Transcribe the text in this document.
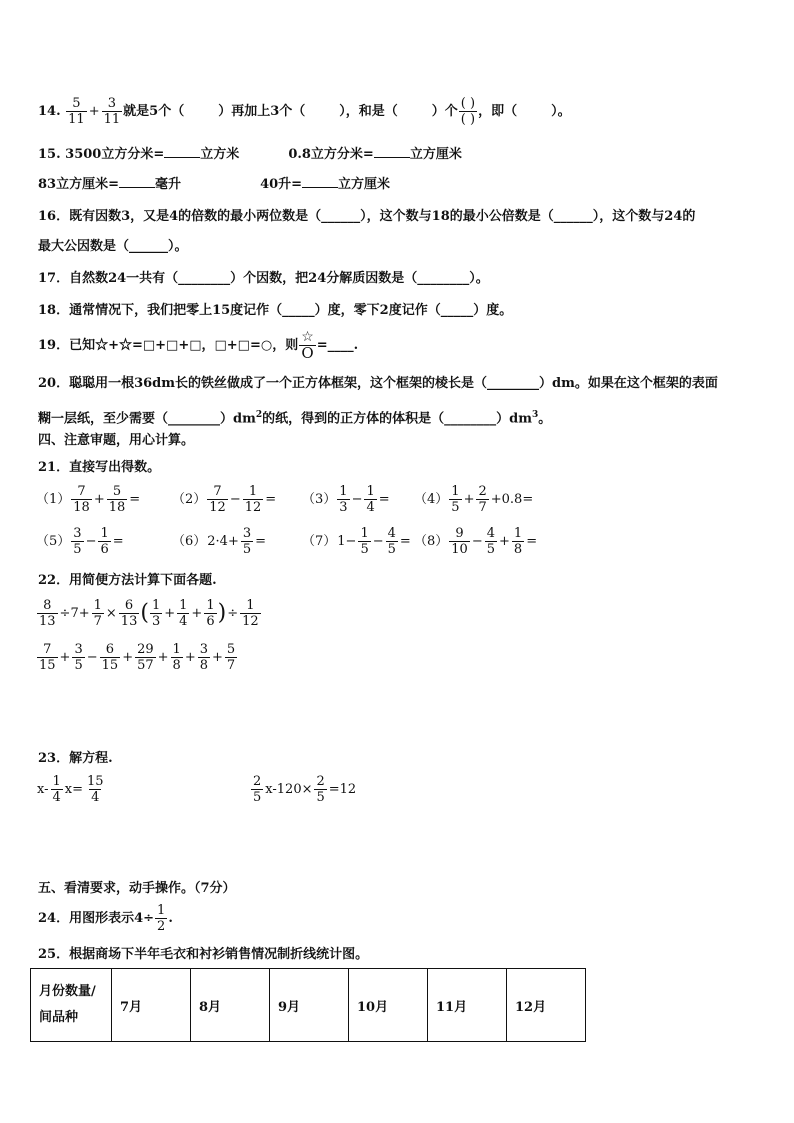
14. $\frac{5}{11} + \frac{3}{11}$ 就是5个（	）再加上3个（	），和是（	）个 $\frac{( )}{( )}$ ，即（	）。
15. 3500立方分米=	立方米	0.8立方分米=	立方厘米
83立方厘米=	毫升	40升=	立方厘米
16．既有因数3，又是4的倍数的最小两位数是（______），这个数与18的最小公倍数是（______），这个数与24的
最大公因数是（______）。
17．自然数24一共有（________）个因数，把24分解质因数是（________）。
18．通常情况下，我们把零上15度记作（_____）度，零下2度记作（_____）度。
19．已知☆+☆=□+□+□，□+□=○，则 $\frac{☆}{O}$ =____.
20．聪聪用一根36dm长的铁丝做成了一个正方体框架，这个框架的棱长是（________）dm。如果在这个框架的表面
糊一层纸，至少需要$(\_\_\_\_\_\_\_\_)dm^2$的纸，得到的正方体的体积是$(\_\_\_\_\_\_\_\_)dm^3$。
四、注意审题，用心计算。
21．直接写出得数。
$(1) \frac{7}{18} + \frac{5}{18} = (2) \frac{7}{12} - \frac{1}{12} = (3) \frac{1}{3} - \frac{1}{4} = (4) \frac{1}{5} + \frac{2}{7} +0.8=$
$(5) \frac{3}{5} - \frac{1}{6}$ =	$(6)2\cdot 4+ \frac{3}{5}$ =	$(7)1- \frac{1}{5} - \frac{4}{5} = (8) \frac{9}{10} - \frac{4}{5} + \frac{1}{8}$ =
22．用简便方法计算下面各题.
$\frac{8}{13} \div 7+ \frac{1}{7} \times \frac{6}{13}$ ( $\frac{1}{3} + \frac{1}{4} + \frac{1}{6}$ )÷ $\frac{1}{12}$
$\frac{7}{15} + \frac{3}{5} - \frac{6}{15} + \frac{29}{57} + \frac{1}{8} + \frac{3}{8} + \frac{5}{7}$
23．解方程.
$x- \frac{1}{4} x= \frac{15}{4}$	$\frac{2}{5} x-120\times \frac{2}{5} =12$
五、看清要求，动手操作。（7分）
24．用图形表示$4\div \frac{1}{2}$ .
25．根据商场下半年毛衣和衬衫销售情况制折线统计图。
月份数量/
间品种
	7月	8月	9月	10月	11月	12月
